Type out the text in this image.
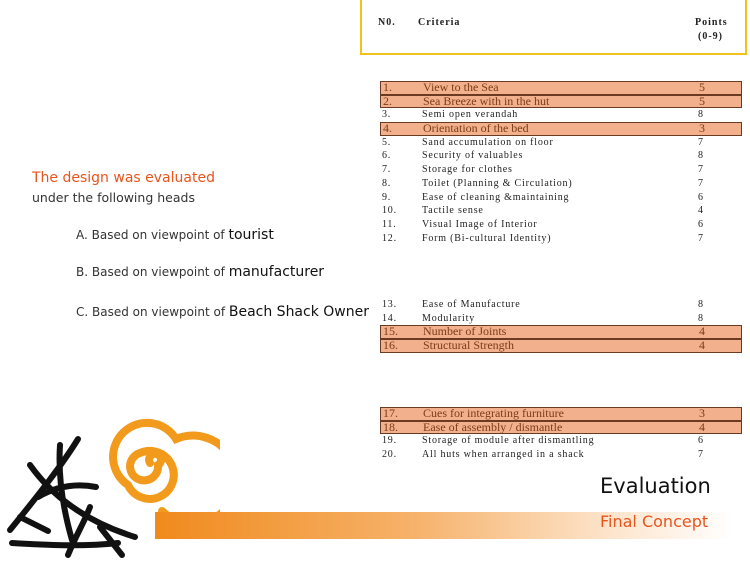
N0. Criteria	Points
(0-9)
The design was evaluated
under the following heads
A. Based on viewpoint of tourist
B. Based on viewpoint of manufacturer
C. Based on viewpoint of Beach Shack Owner
1.	View to the Sea	5
2.	Sea Breeze with in the hut	5
3.	Semi open verandah	8
4.	Orientation of the bed	3
5.	Sand accumulation on floor	7
6.	Security of valuables	8
7.	Storage for clothes	7
8.	Toilet (Planning & Circulation)	7
9.	Ease of cleaning &maintaining	6
10.	Tactile sense	4
11.	Visual Image of Interior	6
12.	Form (Bi-cultural Identity)	7
13.	Ease of Manufacture	8
14.	Modularity	8
15. Number of Joints	4
16. Structural Strength	4
17. Cues for integrating furniture	3
18. Ease of assembly / dismantle	4
19.	Storage of module after dismantling	6
20.	All huts when arranged in a shack	7
Evaluation
Final Concept
